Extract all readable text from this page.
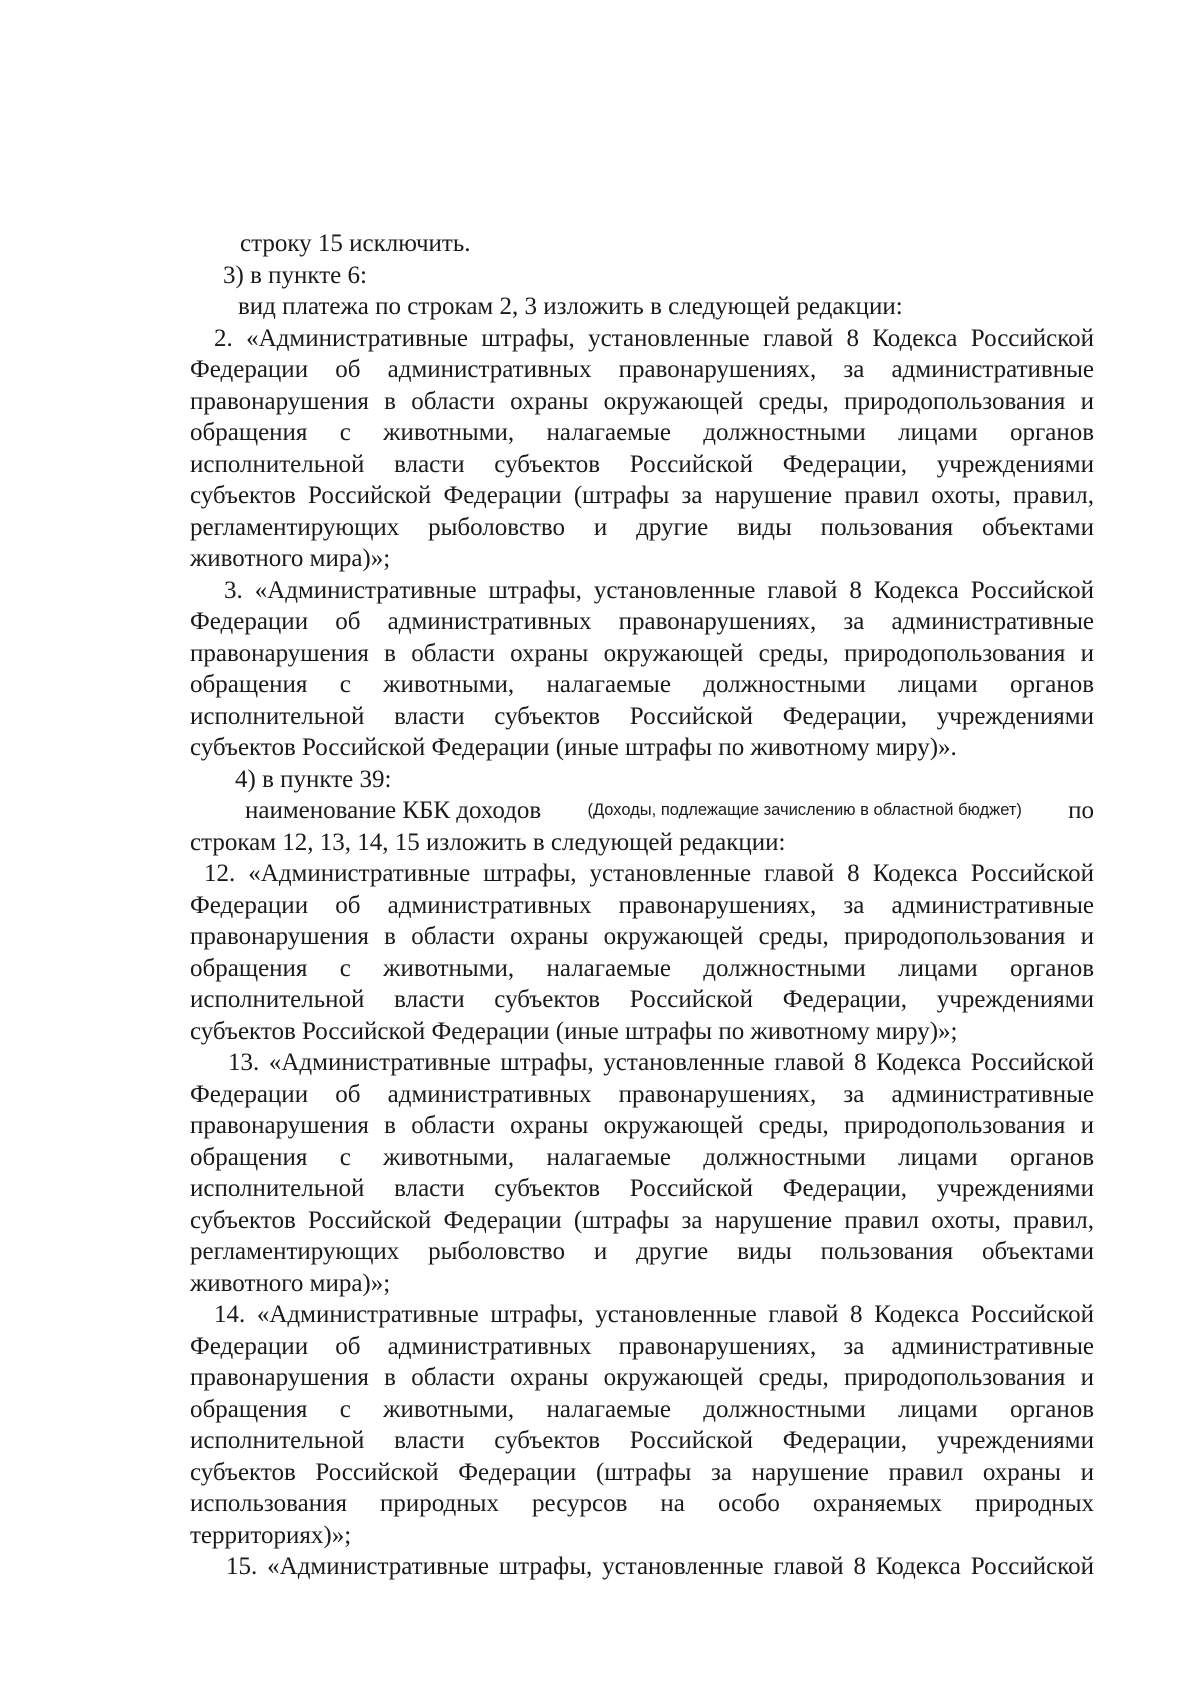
строку 15 исключить.
3) в пункте 6:
вид платежа по строкам 2, 3 изложить в следующей редакции:
2. «Административные штрафы, установленные главой 8 Кодекса Российской
Федерации об административных правонарушениях, за административные
правонарушения в области охраны окружающей среды, природопользования и
обращения с животными, налагаемые должностными лицами органов
исполнительной власти субъектов Российской Федерации, учреждениями
субъектов Российской Федерации (штрафы за нарушение правил охоты, правил,
регламентирующих рыболовство и другие виды пользования объектами
животного мира)»;
3. «Административные штрафы, установленные главой 8 Кодекса Российской
Федерации об административных правонарушениях, за административные
правонарушения в области охраны окружающей среды, природопользования и
обращения с животными, налагаемые должностными лицами органов
исполнительной власти субъектов Российской Федерации, учреждениями
субъектов Российской Федерации (иные штрафы по животному миру)».
4) в пункте 39:
наименование КБК доходов	(Доходы, подлежащие зачислению в областной бюджет) по
строкам 12, 13, 14, 15 изложить в следующей редакции:
12. «Административные штрафы, установленные главой 8 Кодекса Российской
Федерации об административных правонарушениях, за административные
правонарушения в области охраны окружающей среды, природопользования и
обращения с животными, налагаемые должностными лицами органов
исполнительной власти субъектов Российской Федерации, учреждениями
субъектов Российской Федерации (иные штрафы по животному миру)»;
13. «Административные штрафы, установленные главой 8 Кодекса Российской
Федерации об административных правонарушениях, за административные
правонарушения в области охраны окружающей среды, природопользования и
обращения с животными, налагаемые должностными лицами органов
исполнительной власти субъектов Российской Федерации, учреждениями
субъектов Российской Федерации (штрафы за нарушение правил охоты, правил,
регламентирующих рыболовство и другие виды пользования объектами
животного мира)»;
14. «Административные штрафы, установленные главой 8 Кодекса Российской
Федерации об административных правонарушениях, за административные
правонарушения в области охраны окружающей среды, природопользования и
обращения с животными, налагаемые должностными лицами органов
исполнительной власти субъектов Российской Федерации, учреждениями
субъектов Российской Федерации (штрафы за нарушение правил охраны и
использования природных ресурсов на особо охраняемых природных
территориях)»;
15. «Административные штрафы, установленные главой 8 Кодекса Российской
